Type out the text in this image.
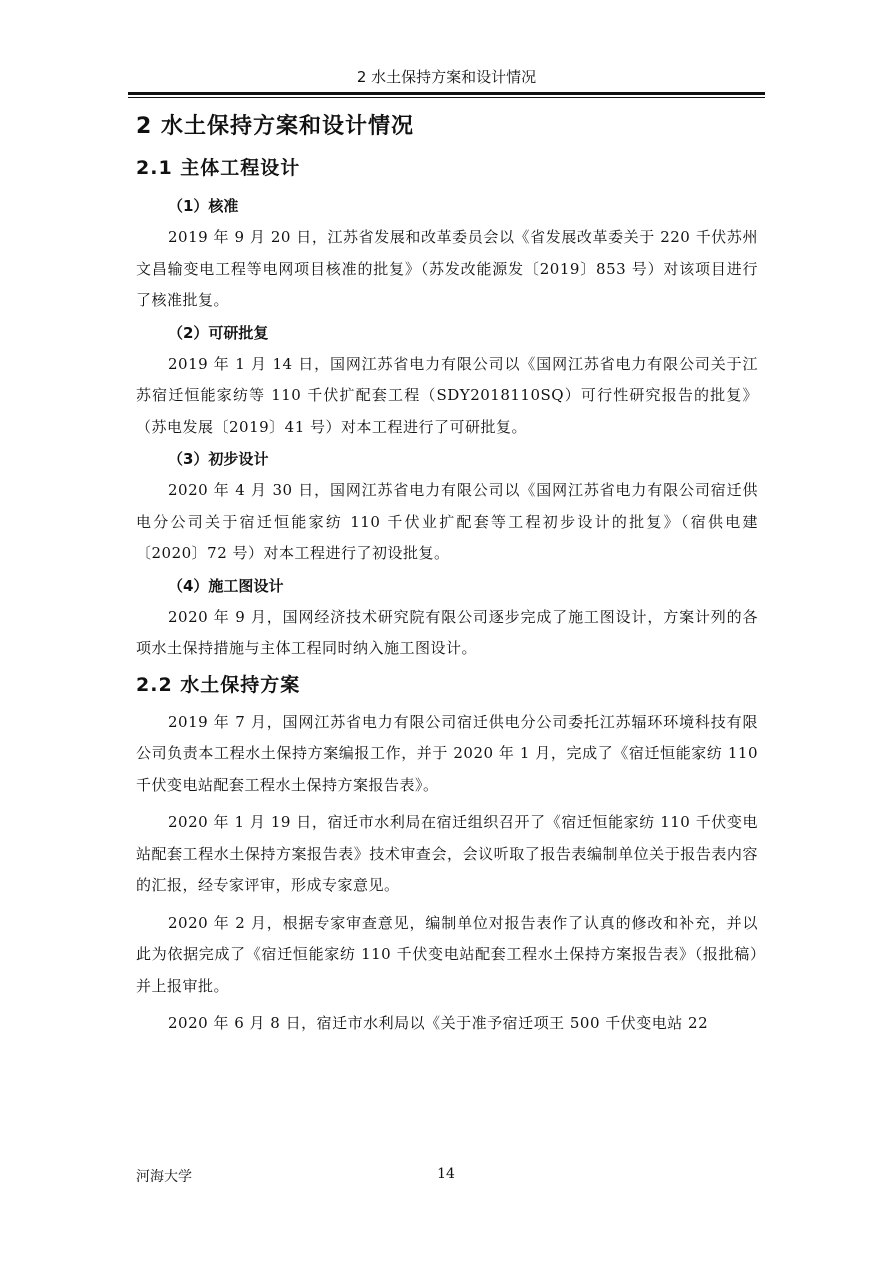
2 水土保持方案和设计情况
2 水土保持方案和设计情况
2.1 主体工程设计
（1）核准

2019 年 9 月 20 日，江苏省发展和改革委员会以《省发展改革委关于 220 千伏苏州文昌输变电工程等电网项目核准的批复》（苏发改能源发〔2019〕853 号）对该项目进行了核准批复。

（2）可研批复

2019 年 1 月 14 日，国网江苏省电力有限公司以《国网江苏省电力有限公司关于江苏宿迁恒能家纺等 110 千伏扩配套工程（SDY2018110SQ）可行性研究报告的批复》（苏电发展〔2019〕41 号）对本工程进行了可研批复。

（3）初步设计

2020 年 4 月 30 日，国网江苏省电力有限公司以《国网江苏省电力有限公司宿迁供电分公司关于宿迁恒能家纺 110 千伏业扩配套等工程初步设计的批复》（宿供电建〔2020〕72 号）对本工程进行了初设批复。

（4）施工图设计

2020 年 9 月，国网经济技术研究院有限公司逐步完成了施工图设计，方案计列的各项水土保持措施与主体工程同时纳入施工图设计。

2.2 水土保持方案

2019 年 7 月，国网江苏省电力有限公司宿迁供电分公司委托江苏辐环环境科技有限公司负责本工程水土保持方案编报工作，并于 2020 年 1 月，完成了《宿迁恒能家纺 110 千伏变电站配套工程水土保持方案报告表》。

2020 年 1 月 19 日，宿迁市水利局在宿迁组织召开了《宿迁恒能家纺 110 千伏变电站配套工程水土保持方案报告表》技术审查会，会议听取了报告表编制单位关于报告表内容的汇报，经专家评审，形成专家意见。

2020 年 2 月，根据专家审查意见，编制单位对报告表作了认真的修改和补充，并以此为依据完成了《宿迁恒能家纺 110 千伏变电站配套工程水土保持方案报告表》（报批稿）并上报审批。

2020 年 6 月 8 日，宿迁市水利局以《关于准予宿迁项王 500 千伏变电站 22

河海大学	14
